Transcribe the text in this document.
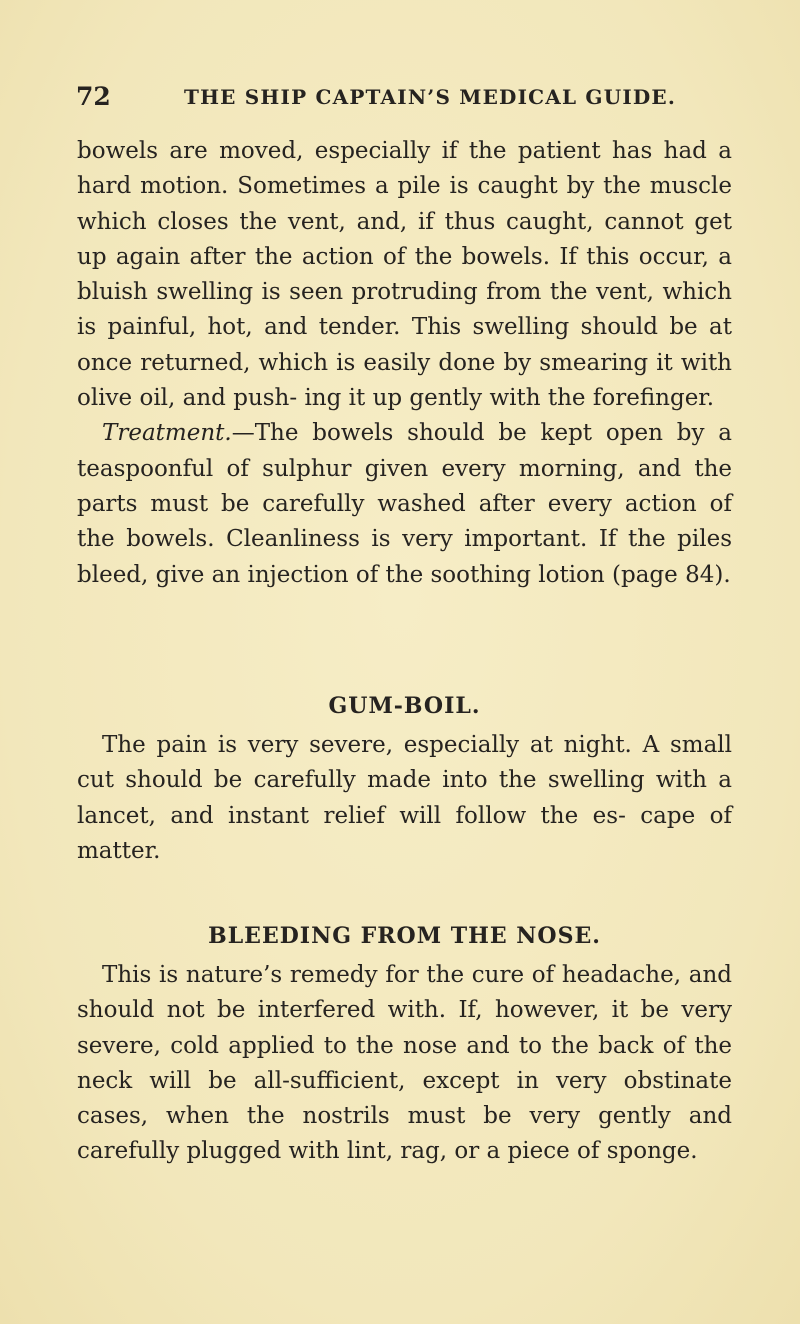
72	THE SHIP CAPTAIN’S MEDICAL GUIDE.

bowels are moved, especially if the patient has had a hard motion. Sometimes a pile is caught by the muscle which closes the vent, and, if thus caught, cannot get up again after the action of the bowels. If this occur, a bluish swelling is seen protruding from the vent, which is painful, hot, and tender. This swelling should be at once returned, which is easily done by smearing it with olive oil, and push- ing it up gently with the forefinger.

Treatment.—The bowels should be kept open by a teaspoonful of sulphur given every morning, and the parts must be carefully washed after every action of the bowels. Cleanliness is very important. If the piles bleed, give an injection of the soothing lotion (page 84).

GUM-BOIL.

The pain is very severe, especially at night. A small cut should be carefully made into the swelling with a lancet, and instant relief will follow the es- cape of matter.

BLEEDING FROM THE NOSE.

This is nature’s remedy for the cure of headache, and should not be interfered with. If, however, it be very severe, cold applied to the nose and to the back of the neck will be all-sufficient, except in very obstinate cases, when the nostrils must be very gently and carefully plugged with lint, rag, or a piece of sponge.
